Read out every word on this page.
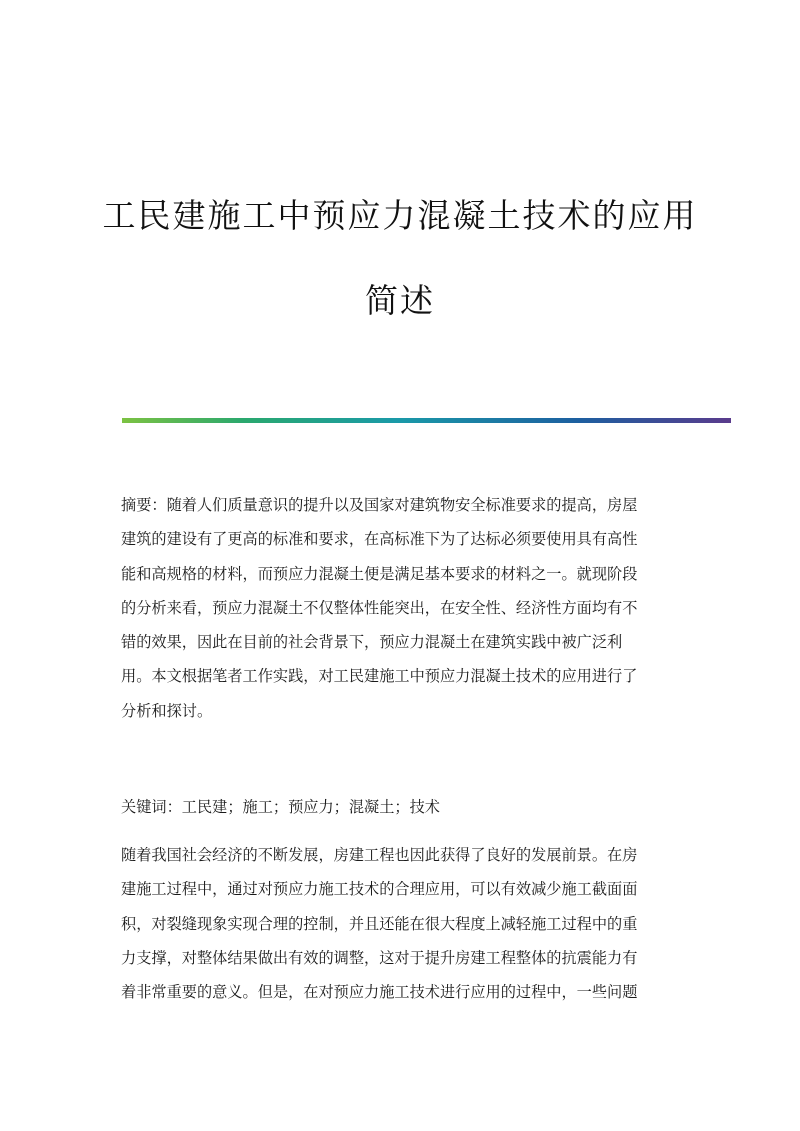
工民建施工中预应力混凝土技术的应用
简述

摘要：随着人们质量意识的提升以及国家对建筑物安全标准要求的提高，房屋
建筑的建设有了更高的标准和要求，在高标准下为了达标必须要使用具有高性
能和高规格的材料，而预应力混凝土便是满足基本要求的材料之一。就现阶段
的分析来看，预应力混凝土不仅整体性能突出，在安全性、经济性方面均有不
错的效果，因此在目前的社会背景下，预应力混凝土在建筑实践中被广泛利
用。本文根据笔者工作实践，对工民建施工中预应力混凝土技术的应用进行了
分析和探讨。

关键词：工民建；施工；预应力；混凝土；技术

随着我国社会经济的不断发展，房建工程也因此获得了良好的发展前景。在房
建施工过程中，通过对预应力施工技术的合理应用，可以有效减少施工截面面
积，对裂缝现象实现合理的控制，并且还能在很大程度上减轻施工过程中的重
力支撑，对整体结果做出有效的调整，这对于提升房建工程整体的抗震能力有
着非常重要的意义。但是，在对预应力施工技术进行应用的过程中，一些问题
